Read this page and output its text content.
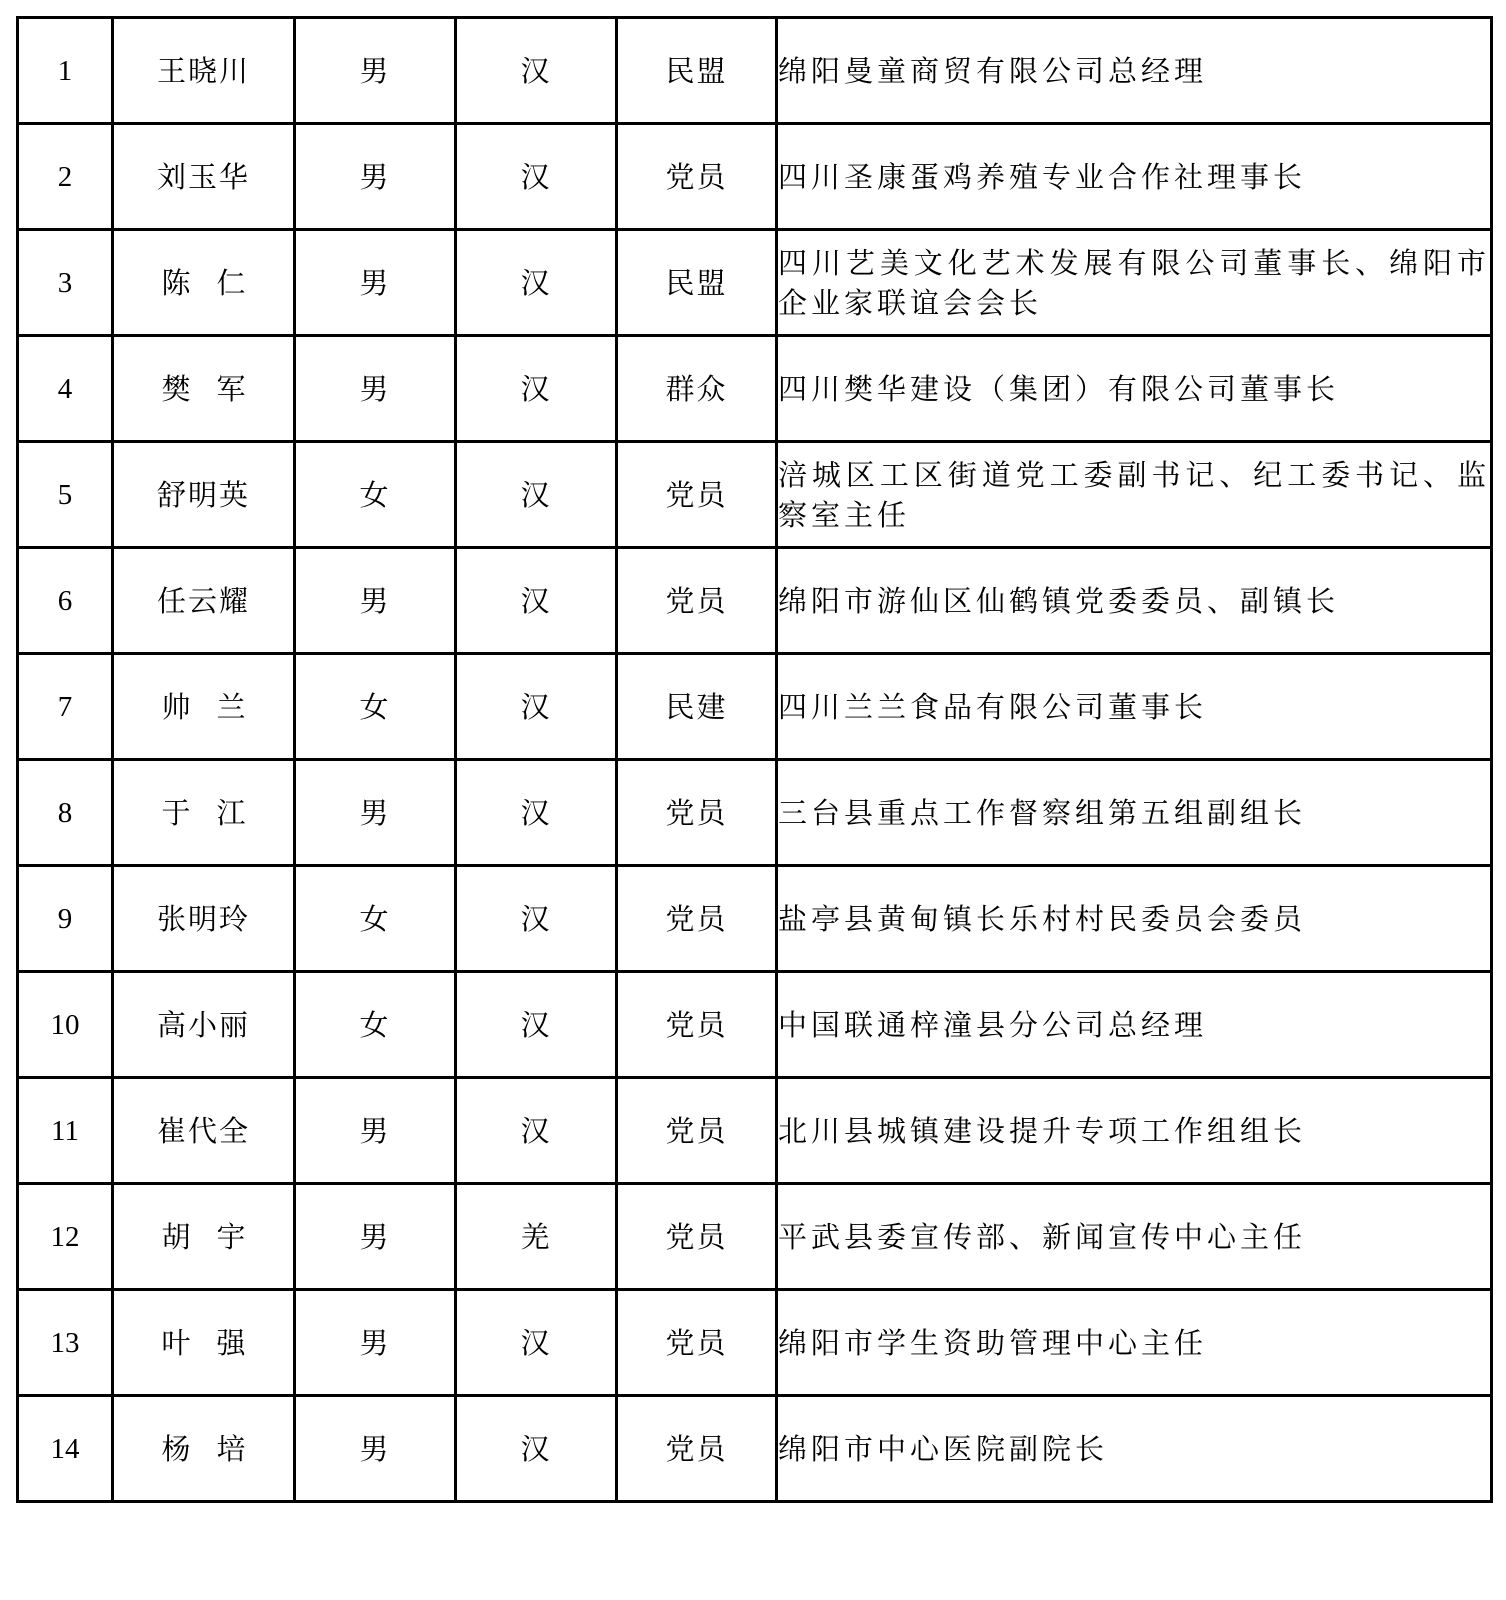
1	王晓川	男	汉	民盟	绵阳曼童商贸有限公司总经理
2	刘玉华	男	汉	党员	四川圣康蛋鸡养殖专业合作社理事长
3	陈仁	男	汉	民盟	四川艺美文化艺术发展有限公司董事长、绵阳市企业家联谊会会长
4	樊军	男	汉	群众	四川樊华建设（集团）有限公司董事长
5	舒明英	女	汉	党员	涪城区工区街道党工委副书记、纪工委书记、监察室主任
6	任云耀	男	汉	党员	绵阳市游仙区仙鹤镇党委委员、副镇长
7	帅兰	女	汉	民建	四川兰兰食品有限公司董事长
8	于江	男	汉	党员	三台县重点工作督察组第五组副组长
9	张明玲	女	汉	党员	盐亭县黄甸镇长乐村村民委员会委员
10	高小丽	女	汉	党员	中国联通梓潼县分公司总经理
11	崔代全	男	汉	党员	北川县城镇建设提升专项工作组组长
12	胡宇	男	羌	党员	平武县委宣传部、新闻宣传中心主任
13	叶强	男	汉	党员	绵阳市学生资助管理中心主任
14	杨培	男	汉	党员	绵阳市中心医院副院长
